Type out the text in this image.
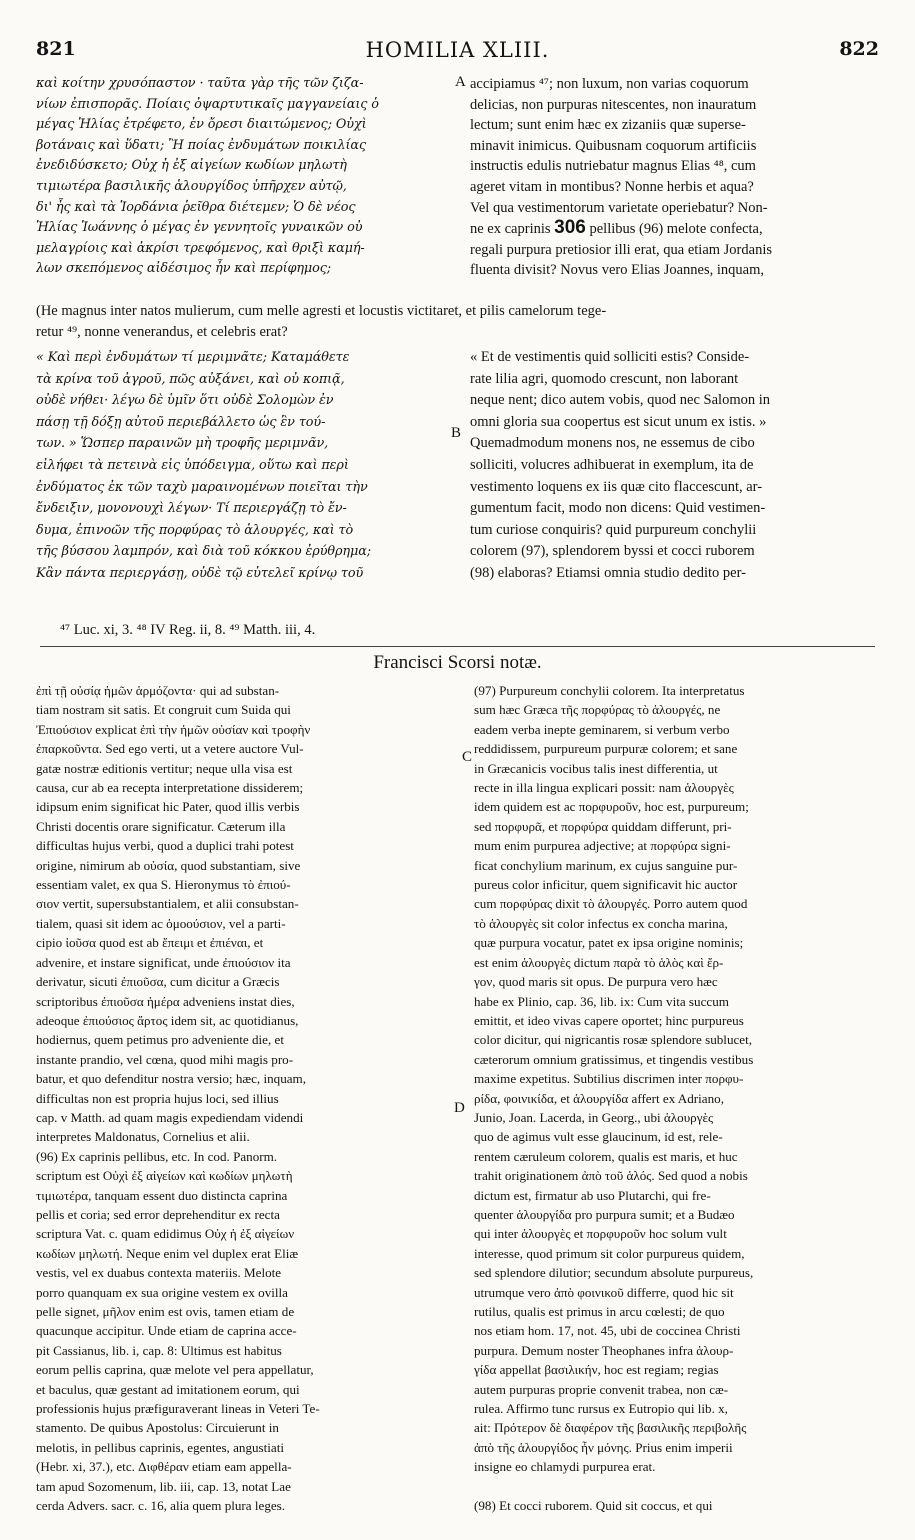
821	HOMILIA XLIII.	822
καὶ κοίτην χρυσόπαστον · ταῦτα γὰρ τῆς τῶν ζιζα-
νίων ἐπισπορᾶς. Ποίαις ὀψαρτυτικαῖς μαγγανείαις ὁ
μέγας Ἠλίας ἐτρέφετο, ἐν ὄρεσι διαιτώμενος; Οὐχὶ
βοτάναις καὶ ὕδατι; Ἢ ποίας ἐνδυμάτων ποικιλίας
ἐνεδιδύσκετο; Οὐχ ἡ ἐξ αἰγείων κωδίων μηλωτὴ
τιμιωτέρα βασιλικῆς ἁλουργίδος ὑπῆρχεν αὐτῷ,
δι' ἧς καὶ τὰ Ἰορδάνια ῥεῖθρα διέτεμεν; Ὁ δὲ νέος
Ἠλίας Ἰωάννης ὁ μέγας ἐν γεννητοῖς γυναικῶν οὐ
μελαγρίοις καὶ ἀκρίσι τρεφόμενος, καὶ θριξὶ καμή-
λων σκεπόμενος αἰδέσιμος ἦν καὶ περίφημος;
A accipiamus ⁴⁷; non luxum, non varias coquorum
delicias, non purpuras nitescentes, non inauratum
lectum; sunt enim hæc ex zizaniis quæ superse-
minavit inimicus. Quibusnam coquorum artificiis
instructis edulis nutriebatur magnus Elias ⁴⁸, cum
ageret vitam in montibus? Nonne herbis et aqua?
Vel qua vestimentorum varietate operiebatur? Non-
ne ex caprinis 306 pellibus (96) melote confecta,
regali purpura pretiosior illi erat, qua etiam Jordanis
fluenta divisit? Novus vero Elias Joannes, inquam,
(He magnus inter natos mulierum, cum melle agresti et locustis victitaret, et pilis camelorum tege-
retur ⁴⁹, nonne venerandus, et celebris erat?
« Καὶ περὶ ἐνδυμάτων τί μεριμνᾶτε; Καταμάθετε
τὰ κρίνα τοῦ ἀγροῦ, πῶς αὐξάνει, καὶ οὐ κοπιᾷ,
οὐδὲ νήθει· λέγω δὲ ὑμῖν ὅτι οὐδὲ Σολομὼν ἐν
πάσῃ τῇ δόξῃ αὐτοῦ περιεβάλλετο ὡς ἓν τού-
των. » Ὥσπερ παραινῶν μὴ τροφῆς μεριμνᾶν,
εἰλήφει τὰ πετεινὰ εἰς ὑπόδειγμα, οὕτω καὶ περὶ
ἐνδύματος ἐκ τῶν ταχὺ μαραινομένων ποιεῖται τὴν
ἔνδειξιν, μονονουχὶ λέγων· Τί περιεργάζῃ τὸ ἔν-
δυμα, ἐπινοῶν τῆς πορφύρας τὸ ἁλουργές, καὶ τὸ
τῆς βύσσου λαμπρόν, καὶ διὰ τοῦ κόκκου ἐρύθρημα;
Κἂν πάντα περιεργάσῃ, οὐδὲ τῷ εὐτελεῖ κρίνῳ τοῦ
B
« Et de vestimentis quid solliciti estis? Conside-
rate lilia agri, quomodo crescunt, non laborant
neque nent; dico autem vobis, quod nec Salomon in
omni gloria sua coopertus est sicut unum ex istis. »
Quemadmodum monens nos, ne essemus de cibo
solliciti, volucres adhibuerat in exemplum, ita de
vestimento loquens ex iis quæ cito flaccescunt, ar-
gumentum facit, modo non dicens: Quid vestimen-
tum curiose conquiris? quid purpureum conchylii
colorem (97), splendorem byssi et cocci ruborem
(98) elaboras? Etiamsi omnia studio dedito per-
⁴⁷ Luc. xi, 3. ⁴⁸ IV Reg. ii, 8. ⁴⁹ Matth. iii, 4.
Francisci Scorsi notæ.
ἐπὶ τῇ οὐσίᾳ ἡμῶν ἁρμόζοντα· qui ad substan-
tiam nostram sit satis. Et congruit cum Suida qui
Ἐπιούσιον explicat ἐπὶ τὴν ἡμῶν οὐσίαν καὶ τροφὴν
ἐπαρκοῦντα. Sed ego verti, ut a vetere auctore Vul-
gatæ nostræ editionis vertitur; neque ulla visa est
causa, cur ab ea recepta interpretatione dissiderem;
idipsum enim significat hic Pater, quod illis verbis
Christi docentis orare significatur. Cæterum illa
difficultas hujus verbi, quod a duplici trahi potest
origine, nimirum ab οὐσία, quod substantiam, sive
essentiam valet, ex qua S. Hieronymus τὸ ἐπιού-
σιον vertit, supersubstantialem, et alii consubstan-
tialem, quasi sit idem ac ὁμοούσιον, vel a parti-
cipio ἰοῦσα quod est ab ἔπειμι et ἐπιέναι, et
advenire, et instare significat, unde ἐπιούσιον ita
derivatur, sicuti ἐπιοῦσα, cum dicitur a Græcis
scriptoribus ἐπιοῦσα ἡμέρα adveniens instat dies,
adeoque ἐπιούσιος ἄρτος idem sit, ac quotidianus,
hodiernus, quem petimus pro adveniente die, et
instante prandio, vel cœna, quod mihi magis pro-
batur, et quo defenditur nostra versio; hæc, inquam,
difficultas non est propria hujus loci, sed illius
cap. v Matth. ad quam magis expediendam videndi
interpretes Maldonatus, Cornelius et alii.
(96) Ex caprinis pellibus, etc. In cod. Panorm.
scriptum est Οὐχὶ ἐξ αἰγείων καὶ κωδίων μηλωτὴ
τιμιωτέρα, tanquam essent duo distincta caprina
pellis et coria; sed error deprehenditur ex recta
scriptura Vat. c. quam edidimus Οὐχ ἡ ἐξ αἰγείων
κωδίων μηλωτή. Neque enim vel duplex erat Eliæ
vestis, vel ex duabus contexta materiis. Melote
porro quanquam ex sua origine vestem ex ovilla
pelle signet, μῆλον enim est ovis, tamen etiam de
quacunque accipitur. Unde etiam de caprina acce-
pit Cassianus, lib. i, cap. 8: Ultimus est habitus
eorum pellis caprina, quæ melote vel pera appellatur,
et baculus, quæ gestant ad imitationem eorum, qui
professionis hujus præfiguraverant lineas in Veteri Te-
stamento. De quibus Apostolus: Circuierunt in
melotis, in pellibus caprinis, egentes, angustiati
(Hebr. xi, 37.), etc. Διφθέραν etiam eam appella-
tam apud Sozomenum, lib. iii, cap. 13, notat Lae
cerda Advers. sacr. c. 16, alia quem plura leges.
C
D
(97) Purpureum conchylii colorem. Ita interpretatus
sum hæc Græca τῆς πορφύρας τὸ ἁλουργές, ne
eadem verba inepte geminarem, si verbum verbo
reddidissem, purpureum purpuræ colorem; et sane
in Græcanicis vocibus talis inest differentia, ut
recte in illa lingua explicari possit: nam ἁλουργὲς
idem quidem est ac πορφυροῦν, hoc est, purpureum;
sed πορφυρᾶ, et πορφύρα quiddam differunt, pri-
mum enim purpurea adjective; at πορφύρα signi-
ficat conchylium marinum, ex cujus sanguine pur-
pureus color inficitur, quem significavit hic auctor
cum πορφύρας dixit τὸ ἁλουργές. Porro autem quod
τὸ ἁλουργὲς sit color infectus ex concha marina,
quæ purpura vocatur, patet ex ipsa origine nominis;
est enim ἁλουργὲς dictum παρὰ τὸ ἁλὸς καὶ ἔρ-
γον, quod maris sit opus. De purpura vero hæc
habe ex Plinio, cap. 36, lib. ix: Cum vita succum
emittit, et ideo vivas capere oportet; hinc purpureus
color dicitur, qui nigricantis rosæ splendore sublucet,
cæterorum omnium gratissimus, et tingendis vestibus
maxime expetitus. Subtilius discrimen inter πορφυ-
ρίδα, φοινικίδα, et ἁλουργίδα affert ex Adriano,
Junio, Joan. Lacerda, in Georg., ubi ἁλουργὲς
quo de agimus vult esse glaucinum, id est, rele-
rentem cæruleum colorem, qualis est maris, et huc
trahit originationem ἀπὸ τοῦ ἁλός. Sed quod a nobis
dictum est, firmatur ab uso Plutarchi, qui fre-
quenter ἁλουργίδα pro purpura sumit; et a Budæo
qui inter ἁλουργὲς et πορφυροῦν hoc solum vult
interesse, quod primum sit color purpureus quidem,
sed splendore dilutior; secundum absolute purpureus,
utrumque vero ἀπὸ φοινικοῦ differre, quod hic sit
rutilus, qualis est primus in arcu cœlesti; de quo
nos etiam hom. 17, not. 45, ubi de coccinea Christi
purpura. Demum noster Theophanes infra ἁλουρ-
γίδα appellat βασιλικήν, hoc est regiam; regias
autem purpuras proprie convenit trabea, non cæ-
rulea. Affirmo tunc rursus ex Eutropio qui lib. x,
ait: Πρότερον δὲ διαφέρον τῆς βασιλικῆς περιβολῆς
ἀπὸ τῆς ἁλουργίδος ἦν μόνης. Prius enim imperii
insigne eo chlamydi purpurea erat.

(98) Et cocci ruborem. Quid sit coccus, et qui
